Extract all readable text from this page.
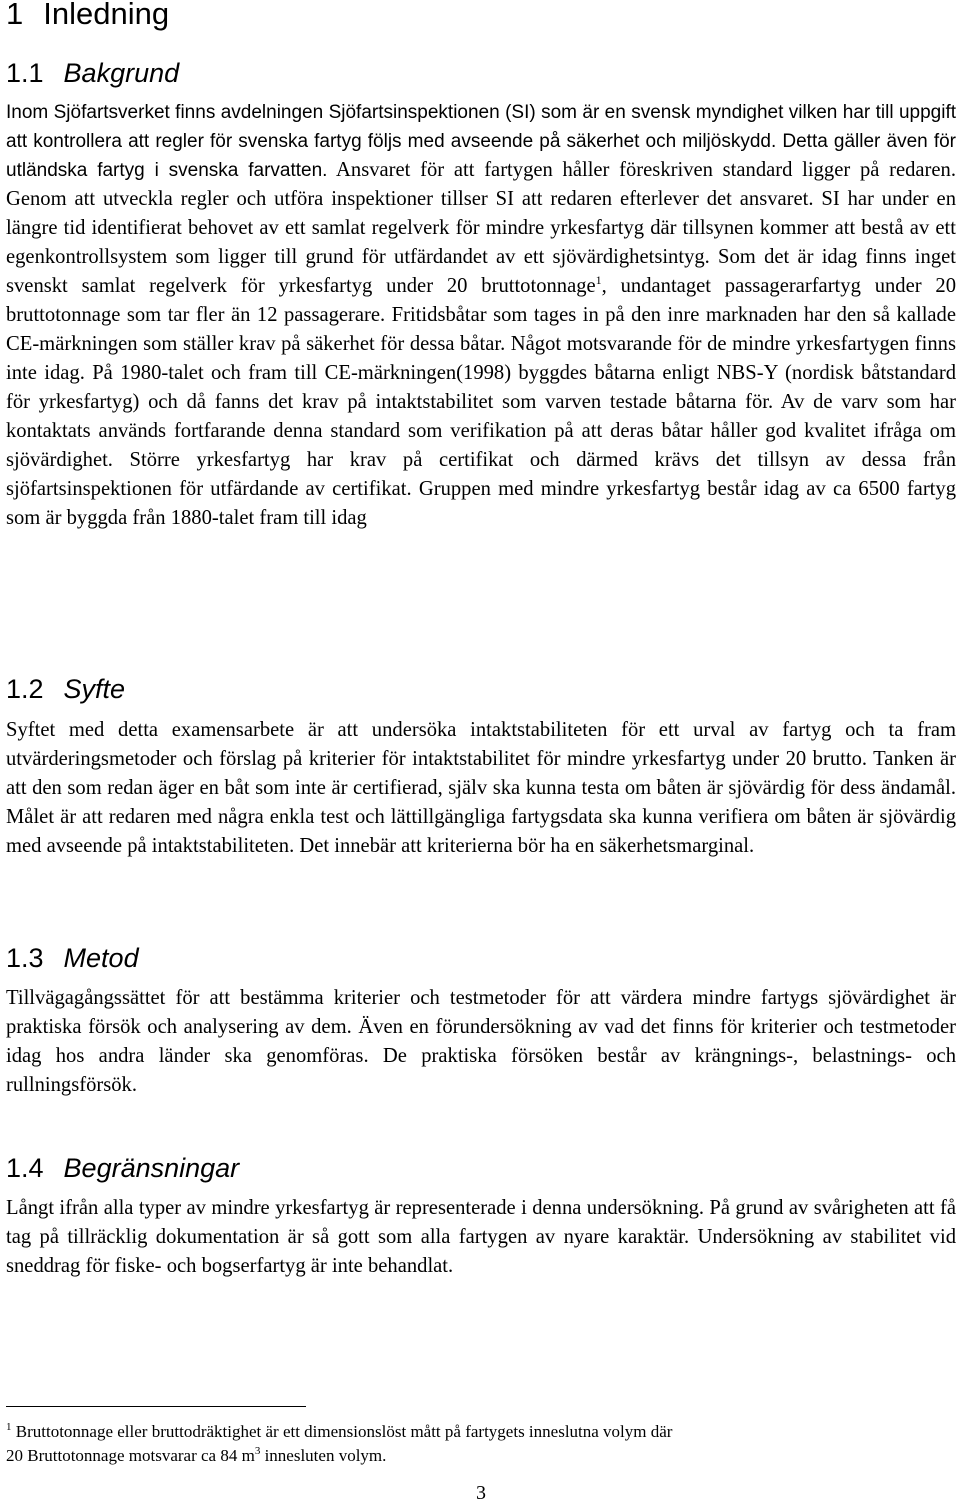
1 Inledning
1.1 Bakgrund

Inom Sjöfartsverket finns avdelningen Sjöfartsinspektionen (SI) som är en svensk myndighet vilken har till uppgift att kontrollera att regler för svenska fartyg följs med avseende på säkerhet och miljöskydd. Detta gäller även för utländska fartyg i svenska farvatten. Ansvaret för att fartygen håller föreskriven standard ligger på redaren. Genom att utveckla regler och utföra inspektioner tillser SI att redaren efterlever det ansvaret. SI har under en längre tid identifierat behovet av ett samlat regelverk för mindre yrkesfartyg där tillsynen kommer att bestå av ett egenkontrollsystem som ligger till grund för utfärdandet av ett sjövärdighetsintyg. Som det är idag finns inget svenskt samlat regelverk för yrkesfartyg under 20 bruttotonnage$^1$, undantaget passagerarfartyg under 20 bruttotonnage som tar fler än 12 passagerare. Fritidsbåtar som tages in på den inre marknaden har den så kallade CE-märkningen som ställer krav på säkerhet för dessa båtar. Något motsvarande för de mindre yrkesfartygen finns inte idag. På 1980-talet och fram till CE-märkningen(1998) byggdes båtarna enligt NBS-Y (nordisk båtstandard för yrkesfartyg) och då fanns det krav på intaktstabilitet som varven testade båtarna för. Av de varv som har kontaktats används fortfarande denna standard som verifikation på att deras båtar håller god kvalitet ifråga om sjövärdighet. Större yrkesfartyg har krav på certifikat och därmed krävs det tillsyn av dessa från sjöfartsinspektionen för utfärdande av certifikat. Gruppen med mindre yrkesfartyg består idag av ca 6500 fartyg som är byggda från 1880-talet fram till idag

1.2 Syfte

Syftet med detta examensarbete är att undersöka intaktstabiliteten för ett urval av fartyg och ta fram utvärderingsmetoder och förslag på kriterier för intaktstabilitet för mindre yrkesfartyg under 20 brutto. Tanken är att den som redan äger en båt som inte är certifierad, själv ska kunna testa om båten är sjövärdig för dess ändamål. Målet är att redaren med några enkla test och lättillgängliga fartygsdata ska kunna verifiera om båten är sjövärdig med avseende på intaktstabiliteten. Det innebär att kriterierna bör ha en säkerhetsmarginal.

1.3 Metod

Tillvägagångssättet för att bestämma kriterier och testmetoder för att värdera mindre fartygs sjövärdighet är praktiska försök och analysering av dem. Även en förundersökning av vad det finns för kriterier och testmetoder idag hos andra länder ska genomföras. De praktiska försöken består av krängnings-, belastnings- och rullningsförsök.

1.4 Begränsningar

Långt ifrån alla typer av mindre yrkesfartyg är representerade i denna undersökning. På grund av svårigheten att få tag på tillräcklig dokumentation är så gott som alla fartygen av nyare karaktär. Undersökning av stabilitet vid sneddrag för fiske- och bogserfartyg är inte behandlat.

$^1$ Bruttotonnage eller bruttodräktighet är ett dimensionslöst mått på fartygets inneslutna volym där
20 Bruttotonnage motsvarar ca 84 $m^3$ innesluten volym.

3
